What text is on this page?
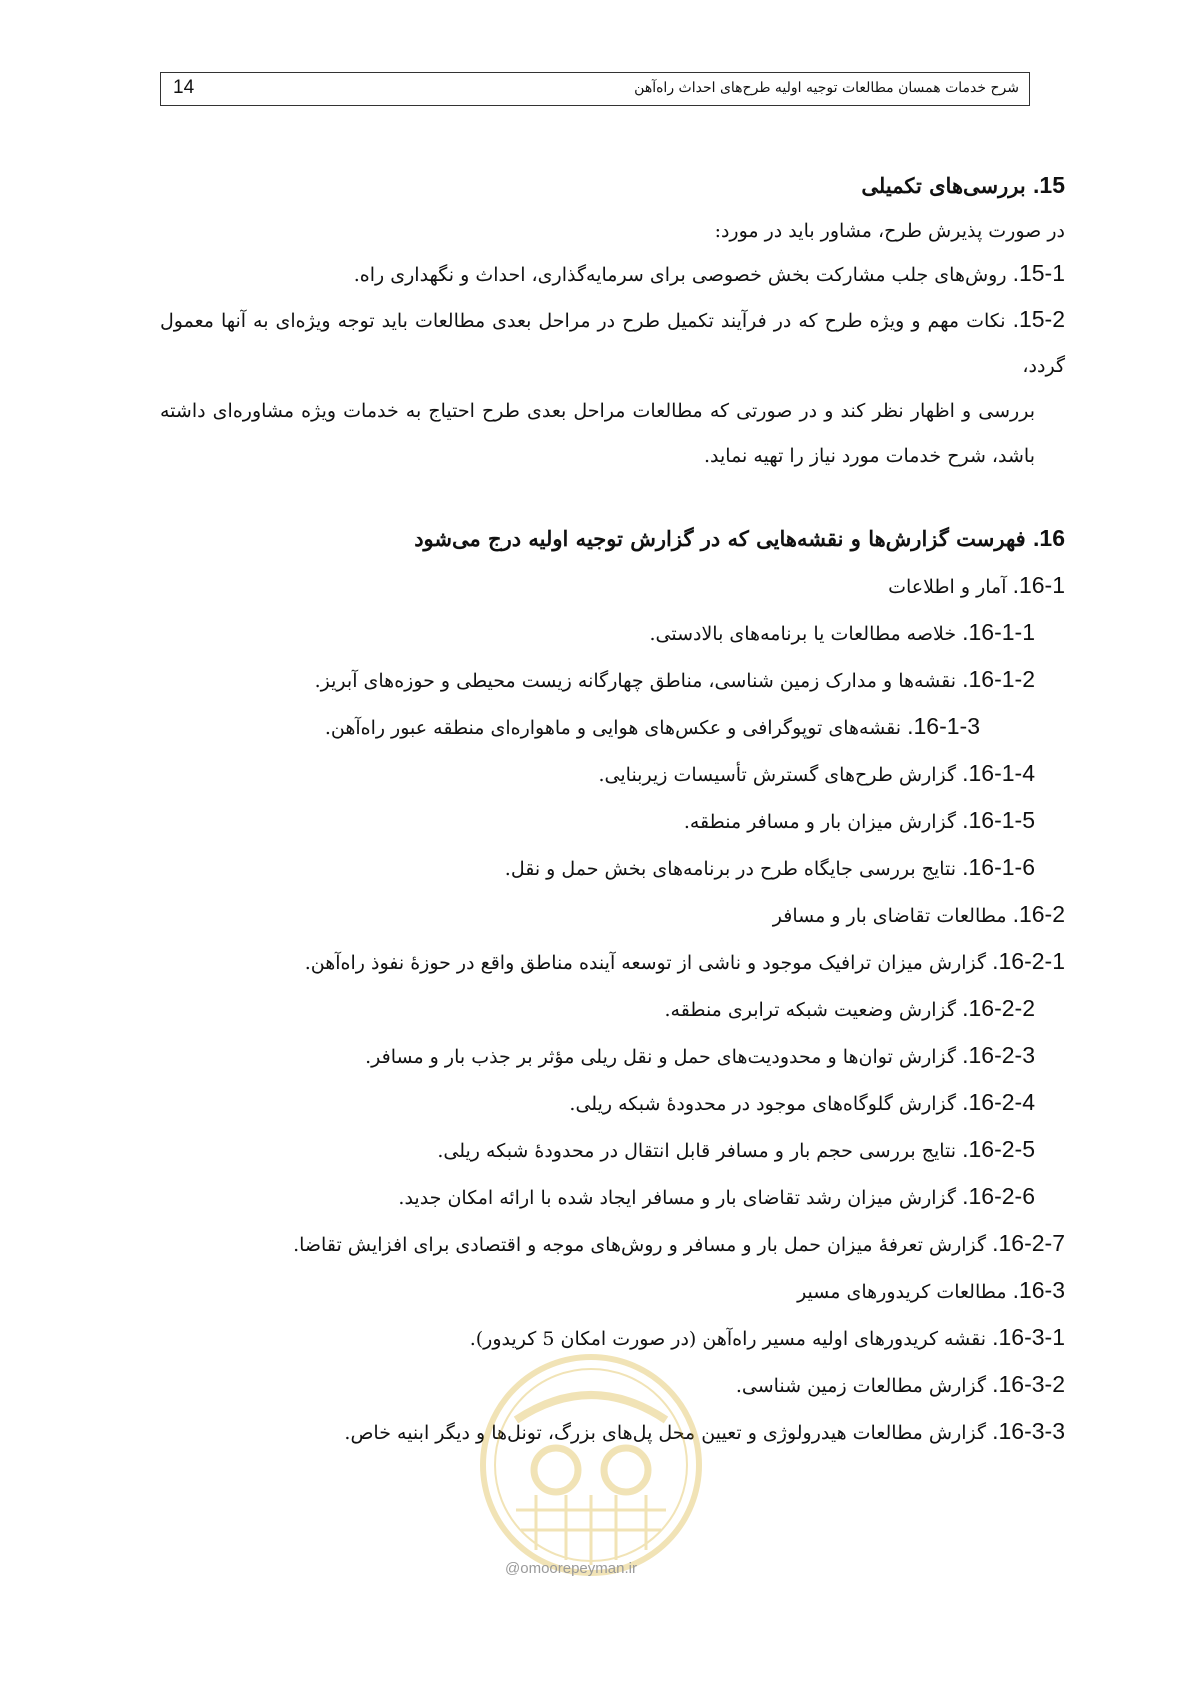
14	شرح خدمات همسان مطالعات توجیه اولیه طرح‌های احداث راه‌آهن

15. بررسی‌های تکمیلی

در صورت پذیرش طرح، مشاور باید در مورد:

15-1. روش‌های جلب مشارکت بخش خصوصی برای سرمایه‌گذاری، احداث و نگهداری راه.

15-2. نکات مهم و ویژه طرح که در فرآیند تکمیل طرح در مراحل بعدی مطالعات باید توجه ویژه‌ای به آنها معمول گردد،

بررسی و اظهار نظر کند و در صورتی که مطالعات مراحل بعدی طرح احتیاج به خدمات ویژه مشاوره‌ای داشته باشد، شرح خدمات مورد نیاز را تهیه نماید.

16. فهرست گزارش‌ها و نقشه‌هایی که در گزارش توجیه اولیه درج می‌شود

16-1. آمار و اطلاعات

16-1-1. خلاصه مطالعات یا برنامه‌های بالادستی.

16-1-2. نقشه‌ها و مدارک زمین شناسی، مناطق چهارگانه زیست محیطی و حوزه‌های آبریز.

16-1-3. نقشه‌های توپوگرافی و عکس‌های هوایی و ماهواره‌ای منطقه عبور راه‌آهن.

16-1-4. گزارش طرح‌های گسترش تأسیسات زیربنایی.

16-1-5. گزارش میزان بار و مسافر منطقه.

16-1-6. نتایج بررسی جایگاه طرح در برنامه‌های بخش حمل و نقل.

16-2. مطالعات تقاضای بار و مسافر

16-2-1. گزارش میزان ترافیک موجود و ناشی از توسعه آینده مناطق واقع در حوزهٔ نفوذ راه‌آهن.

16-2-2. گزارش وضعیت شبکه ترابری منطقه.

16-2-3. گزارش توان‌ها و محدودیت‌های حمل و نقل ریلی مؤثر بر جذب بار و مسافر.

16-2-4. گزارش گلوگاه‌های موجود در محدودهٔ شبکه ریلی.

16-2-5. نتایج بررسی حجم بار و مسافر قابل انتقال در محدودهٔ شبکه ریلی.

16-2-6. گزارش میزان رشد تقاضای بار و مسافر ایجاد شده با ارائه امکان جدید.

16-2-7. گزارش تعرفهٔ میزان حمل بار و مسافر و روش‌های موجه و اقتصادی برای افزایش تقاضا.

16-3. مطالعات کریدورهای مسیر

16-3-1. نقشه کریدورهای اولیه مسیر راه‌آهن (در صورت امکان 5 کریدور).

16-3-2. گزارش مطالعات زمین شناسی.

16-3-3. گزارش مطالعات هیدرولوژی و تعیین محل پل‌های بزرگ، تونل‌ها و دیگر ابنیه خاص.

@omoorepeyman.ir
